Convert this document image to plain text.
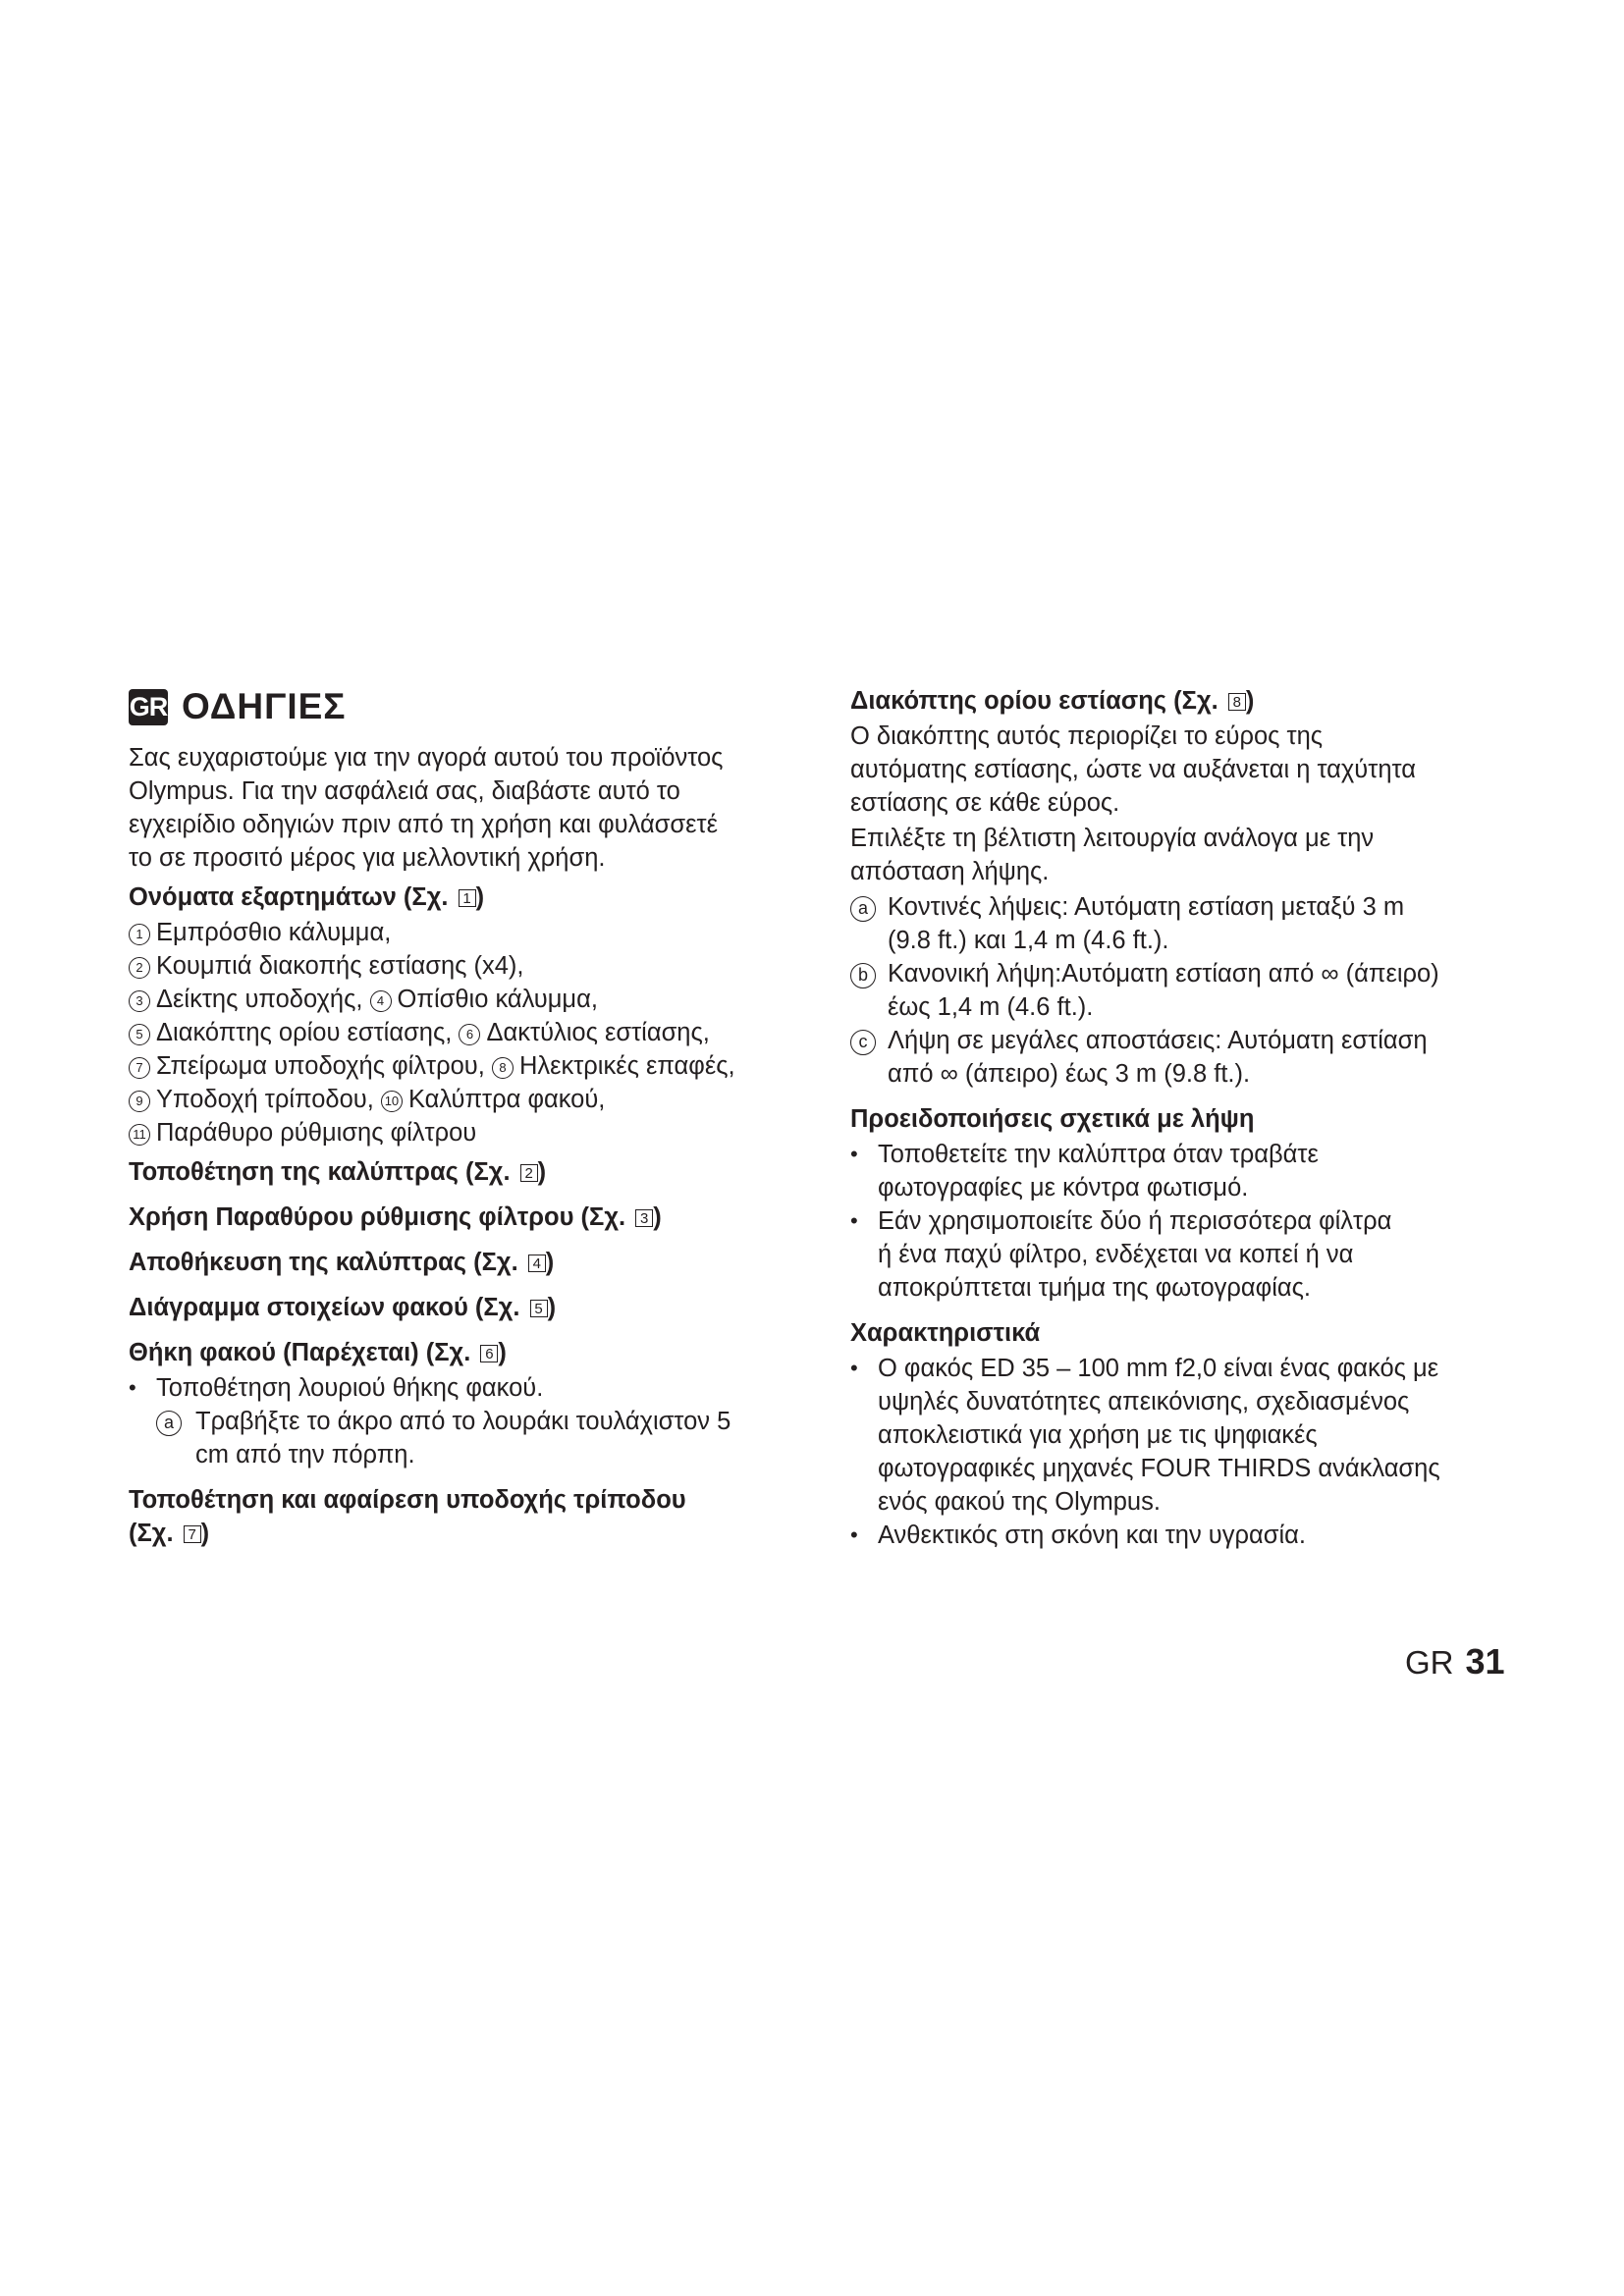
GR ΟΔΗΓΙΕΣ
Σας ευχαριστούμε για την αγορά αυτού του προϊόντος
Olympus. Για την ασφάλειά σας, διαβάστε αυτό το
εγχειρίδιο οδηγιών πριν από τη χρήση και φυλάσσετέ
το σε προσιτό μέρος για μελλοντική χρήση.
Ονόματα εξαρτημάτων (Σχ. 1 )
1 Εμπρόσθιο κάλυμμα,
2 Κουμπιά διακοπής εστίασης (x4),
3 Δείκτης υποδοχής, 4 Οπίσθιο κάλυμμα,
5 Διακόπτης ορίου εστίασης, 6 Δακτύλιος εστίασης,
7 Σπείρωμα υποδοχής φίλτρου, 8 Ηλεκτρικές επαφές,
9 Υποδοχή τρίποδου, 10 Καλύπτρα φακού,
11 Παράθυρο ρύθμισης φίλτρου
Τοποθέτηση της καλύπτρας (Σχ. 2 )
Χρήση Παραθύρου ρύθμισης φίλτρου (Σχ. 3 )
Αποθήκευση της καλύπτρας (Σχ. 4 )
Διάγραμμα στοιχείων φακού (Σχ. 5 )
Θήκη φακού (Παρέχεται) (Σχ. 6 )
• Τοποθέτηση λουριού θήκης φακού.
a Τραβήξτε το άκρο από το λουράκι τουλάχιστον 5
cm από την πόρπη.
Τοποθέτηση και αφαίρεση υποδοχής τρίποδου
(Σχ. 7 )
Διακόπτης ορίου εστίασης (Σχ. 8 )
Ο διακόπτης αυτός περιορίζει το εύρος της
αυτόματης εστίασης, ώστε να αυξάνεται η ταχύτητα
εστίασης σε κάθε εύρος.
Επιλέξτε τη βέλτιστη λειτουργία ανάλογα με την
απόσταση λήψης.
a Κοντινές λήψεις: Αυτόματη εστίαση μεταξύ 3 m
(9.8 ft.) και 1,4 m (4.6 ft.).
b Κανονική λήψη:Αυτόματη εστίαση από ∞ (άπειρο)
έως 1,4 m (4.6 ft.).
c Λήψη σε μεγάλες αποστάσεις: Αυτόματη εστίαση
από ∞ (άπειρο) έως 3 m (9.8 ft.).
Προειδοποιήσεις σχετικά με λήψη
• Τοποθετείτε την καλύπτρα όταν τραβάτε
φωτογραφίες με κόντρα φωτισμό.
• Εάν χρησιμοποιείτε δύο ή περισσότερα φίλτρα
ή ένα παχύ φίλτρο, ενδέχεται να κοπεί ή να
αποκρύπτεται τμήμα της φωτογραφίας.
Χαρακτηριστικά
• Ο φακός ED 35 – 100 mm f2,0 είναι ένας φακός με
υψηλές δυνατότητες απεικόνισης, σχεδιασμένος
αποκλειστικά για χρήση με τις ψηφιακές
φωτογραφικές μηχανές FOUR THIRDS ανάκλασης
ενός φακού της Olympus.
• Ανθεκτικός στη σκόνη και την υγρασία.
GR 31
